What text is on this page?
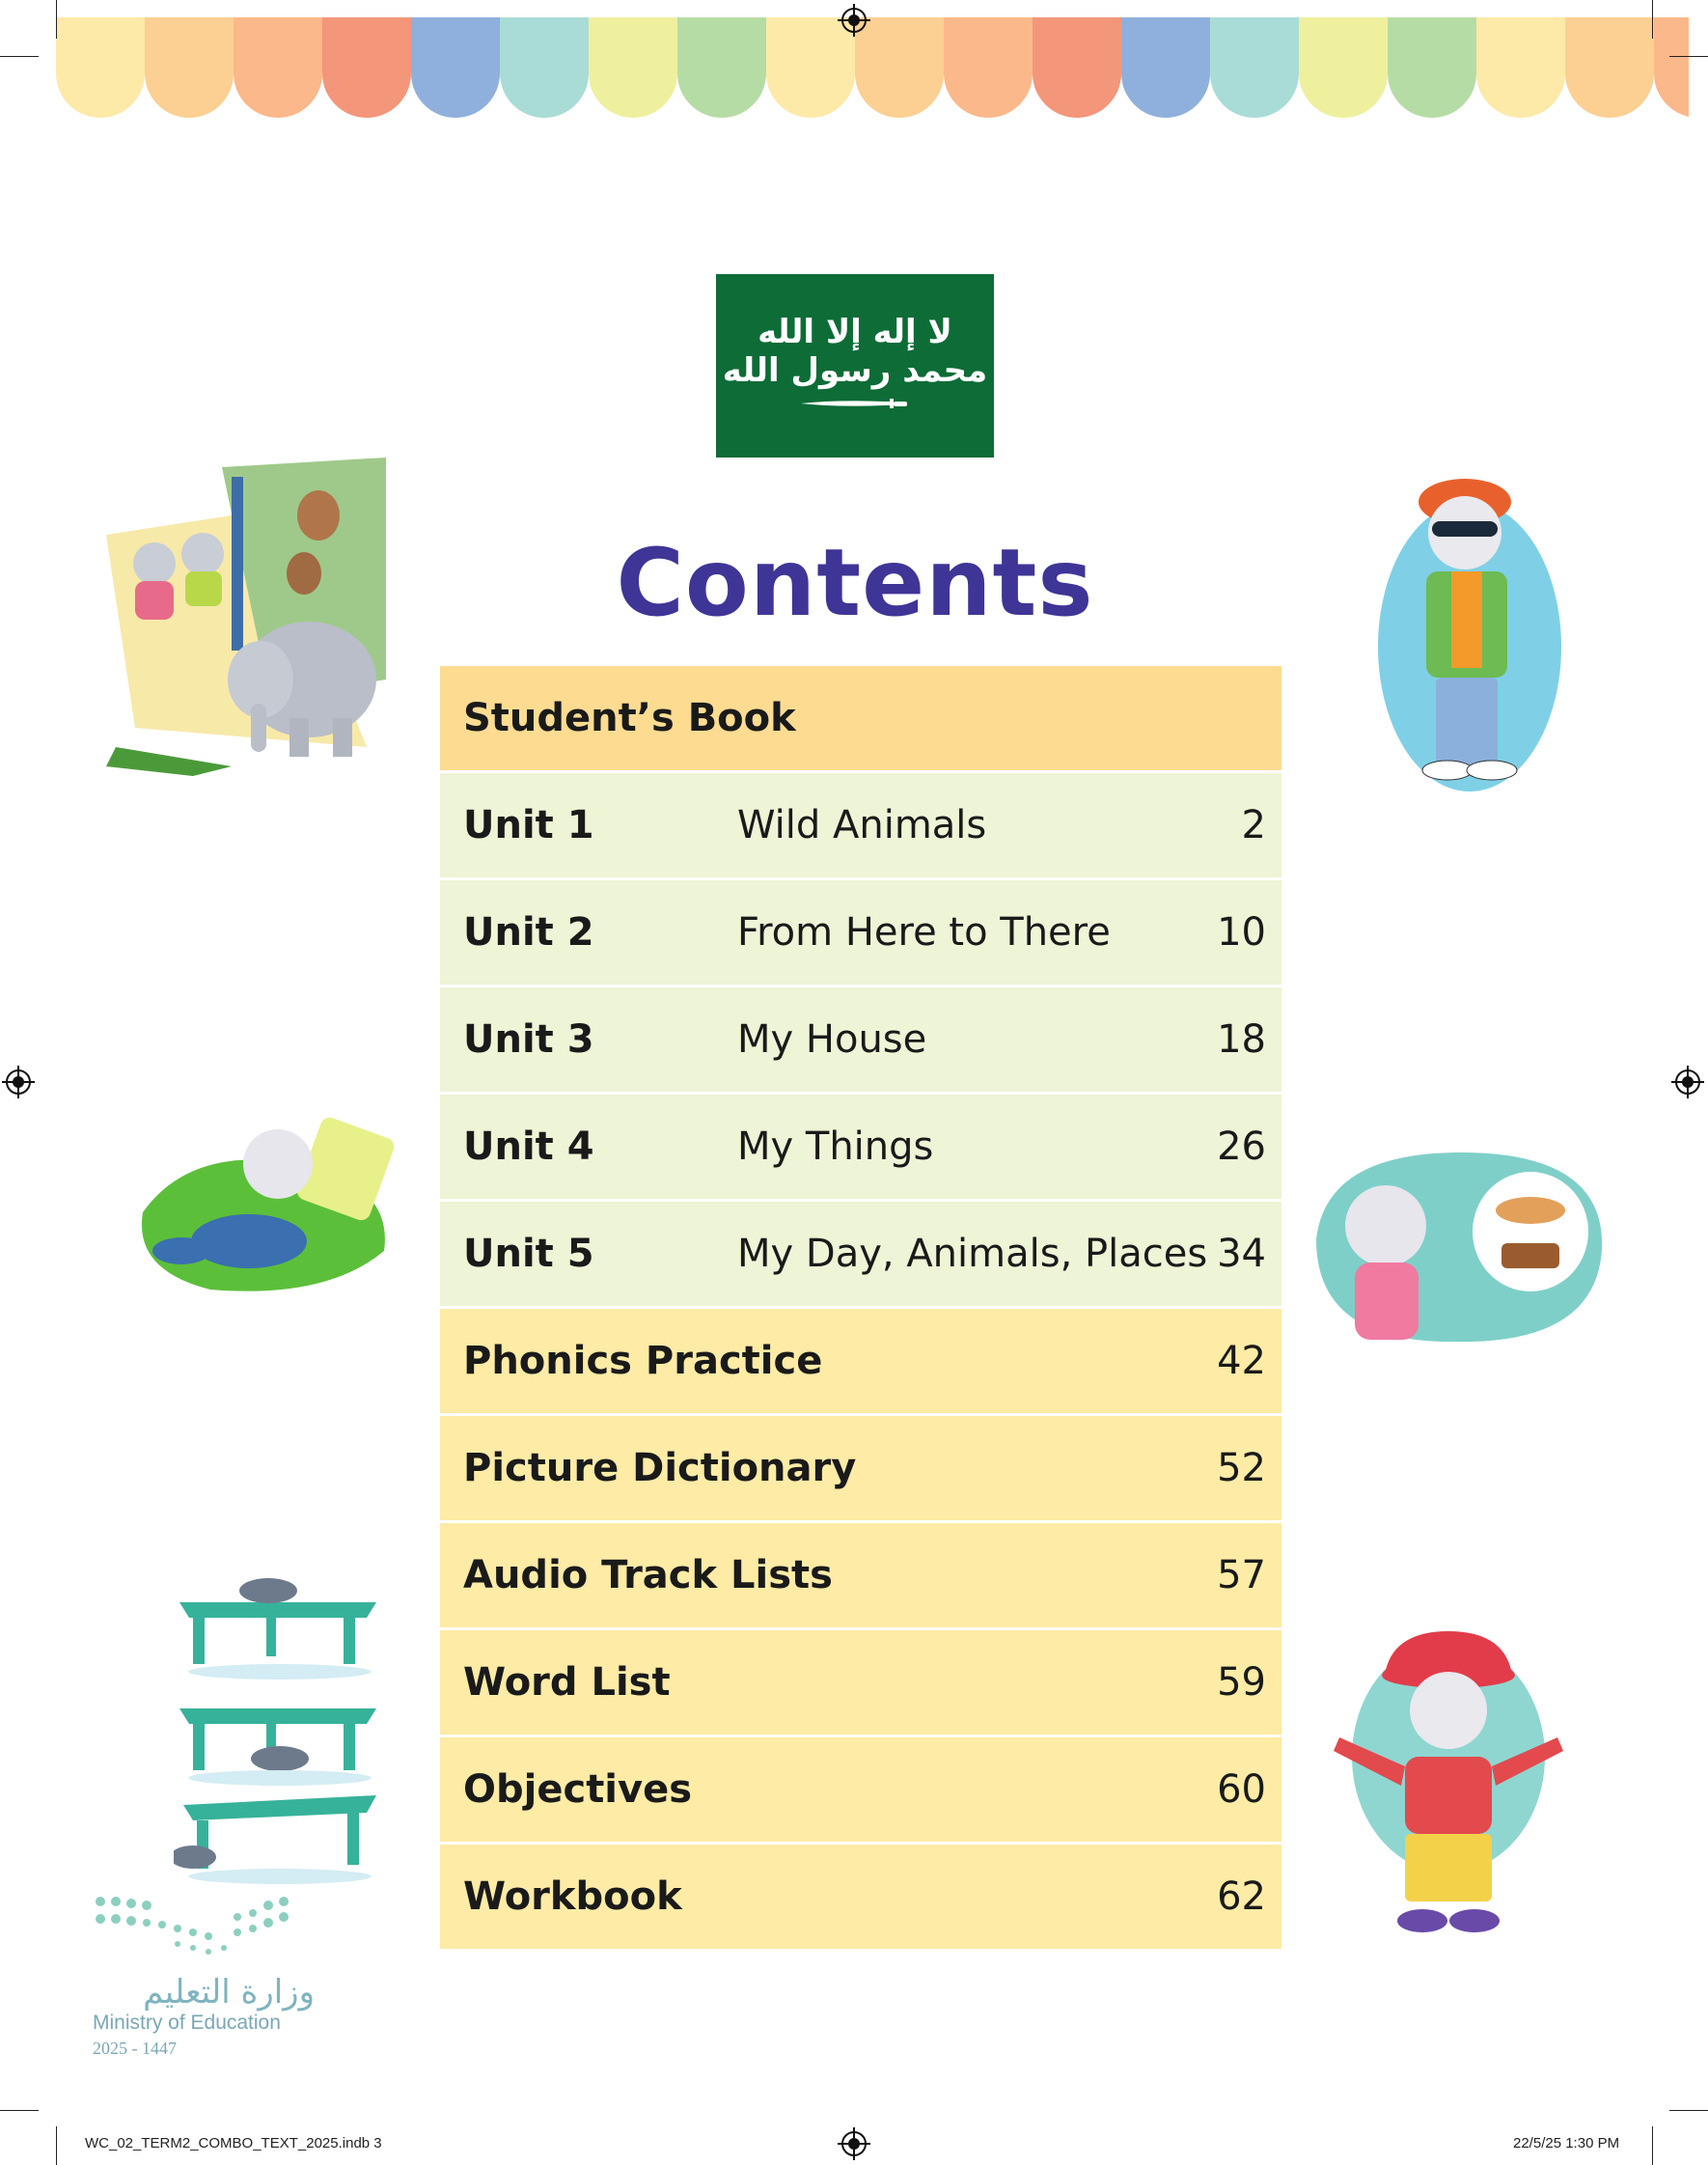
لا إله إلا الله محمد رسول الله
Contents
Student’s Book
Unit 1	Wild Animals	2
Unit 2	From Here to There	10
Unit 3	My House	18
Unit 4	My Things	26
Unit 5	My Day, Animals, Places 34
Phonics Practice	42
Picture Dictionary	52
Audio Track Lists	57
Word List	59
Objectives	60
Workbook	62
وزارة التعليم
Ministry of Education
2025 - 1447
WC_02_TERM2_COMBO_TEXT_2025.indb 3	22/5/25 1:30 PM
